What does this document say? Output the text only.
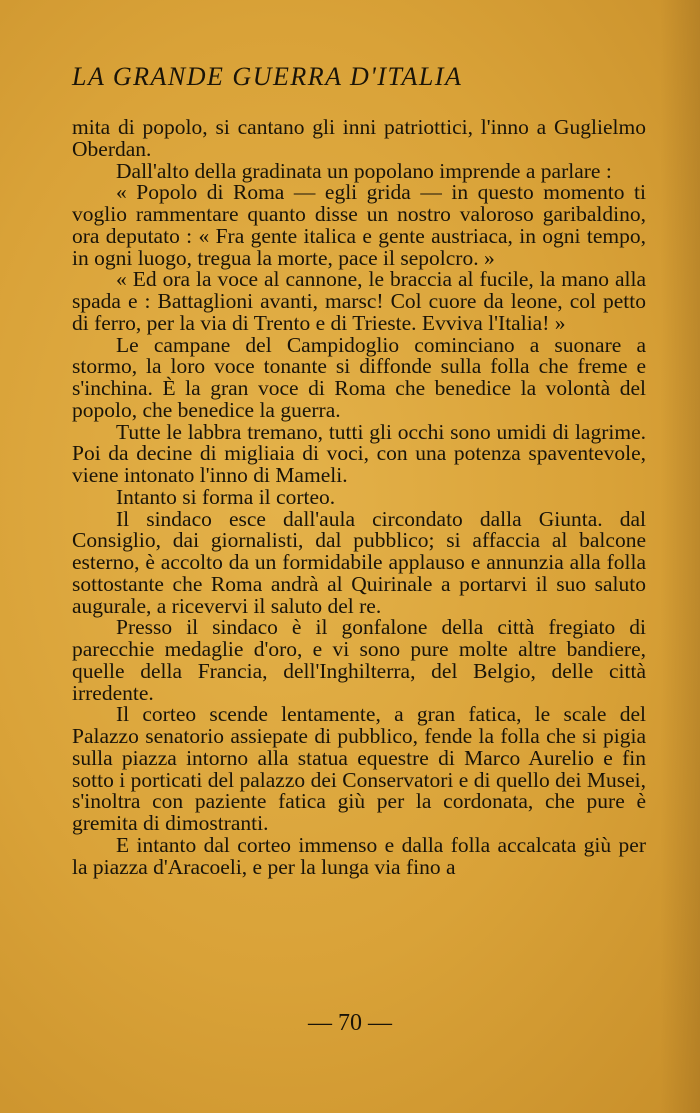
LA GRANDE GUERRA D'ITALIA

mita di popolo, si cantano gli inni patriottici, l'inno a Guglielmo Oberdan.

Dall'alto della gradinata un popolano imprende a parlare :

« Popolo di Roma — egli grida — in questo momento ti voglio rammentare quanto disse un nostro valoroso garibaldino, ora deputato : « Fra gente italica e gente austriaca, in ogni tempo, in ogni luogo, tregua la morte, pace il sepolcro. »

« Ed ora la voce al cannone, le braccia al fucile, la mano alla spada e : Battaglioni avanti, marsc! Col cuore da leone, col petto di ferro, per la via di Trento e di Trieste. Evviva l'Italia! »

Le campane del Campidoglio cominciano a suonare a stormo, la loro voce tonante si diffonde sulla folla che freme e s'inchina. È la gran voce di Roma che benedice la volontà del popolo, che benedice la guerra.

Tutte le labbra tremano, tutti gli occhi sono umidi di lagrime. Poi da decine di migliaia di voci, con una potenza spaventevole, viene intonato l'inno di Mameli.

Intanto si forma il corteo.

Il sindaco esce dall'aula circondato dalla Giunta. dal Consiglio, dai giornalisti, dal pubblico; si affaccia al balcone esterno, è accolto da un formidabile applauso e annunzia alla folla sottostante che Roma andrà al Quirinale a portarvi il suo saluto augurale, a ricevervi il saluto del re.

Presso il sindaco è il gonfalone della città fregiato di parecchie medaglie d'oro, e vi sono pure molte altre bandiere, quelle della Francia, dell'Inghilterra, del Belgio, delle città irredente.

Il corteo scende lentamente, a gran fatica, le scale del Palazzo senatorio assiepate di pubblico, fende la folla che si pigia sulla piazza intorno alla statua equestre di Marco Aurelio e fin sotto i porticati del palazzo dei Conservatori e di quello dei Musei, s'inoltra con paziente fatica giù per la cordonata, che pure è gremita di dimostranti.

E intanto dal corteo immenso e dalla folla accalcata giù per la piazza d'Aracoeli, e per la lunga via fino a

— 70 —
